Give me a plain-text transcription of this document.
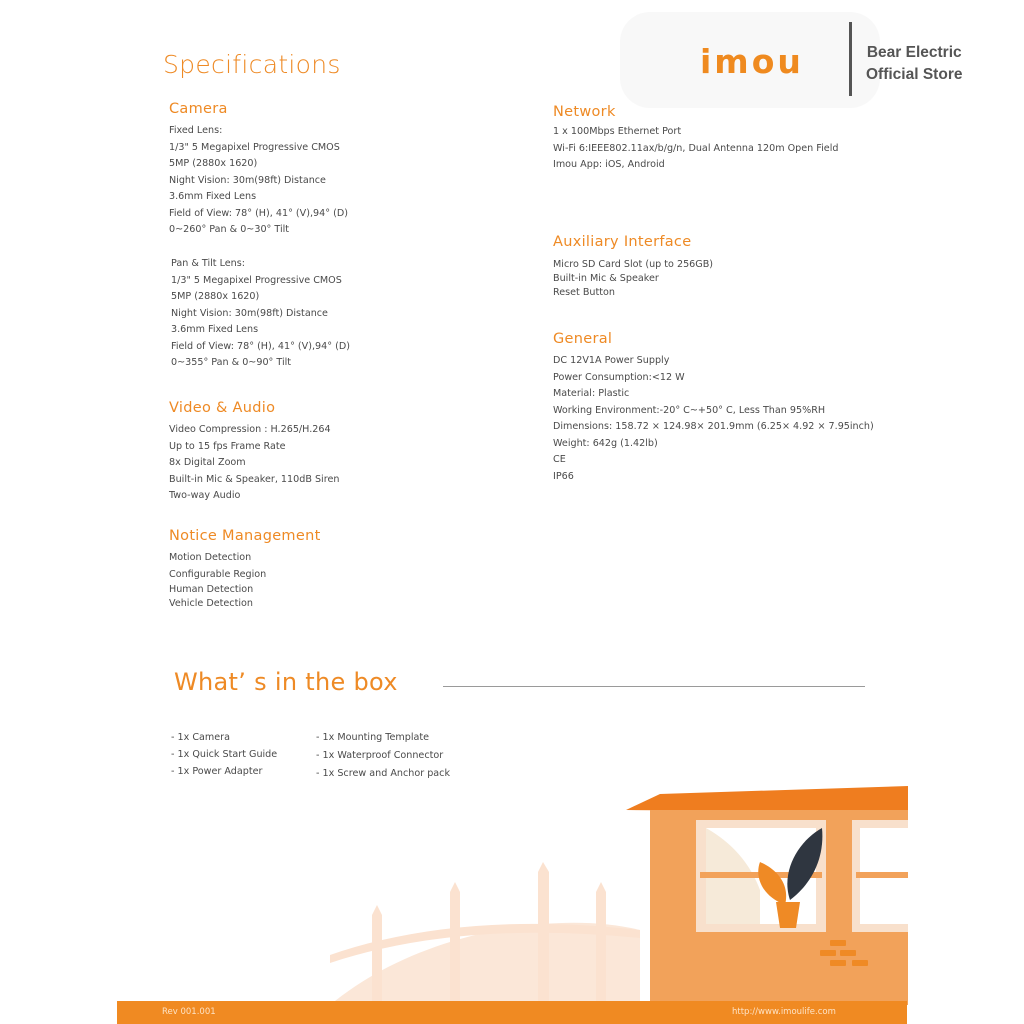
imou	Bear Electric
Official Store
Specifications
Camera
Fixed Lens:
1/3" 5 Megapixel Progressive CMOS
5MP (2880x 1620)
Night Vision: 30m(98ft) Distance
3.6mm Fixed Lens
Field of View: 78° (H), 41° (V),94° (D)
0~260° Pan & 0~30° Tilt
Pan & Tilt Lens:
1/3" 5 Megapixel Progressive CMOS
5MP (2880x 1620)
Night Vision: 30m(98ft) Distance
3.6mm Fixed Lens
Field of View: 78° (H), 41° (V),94° (D)
0~355° Pan & 0~90° Tilt
Video & Audio
Video Compression : H.265/H.264
Up to 15 fps Frame Rate
8x Digital Zoom
Built-in Mic & Speaker, 110dB Siren
Two-way Audio
Notice Management
Motion Detection
Configurable Region
Human Detection
Vehicle Detection
Network
1 x 100Mbps Ethernet Port
Wi-Fi 6:IEEE802.11ax/b/g/n, Dual Antenna 120m Open Field
Imou App: iOS, Android
Auxiliary Interface
Micro SD Card Slot (up to 256GB)
Built-in Mic & Speaker
Reset Button
General
DC 12V1A Power Supply
Power Consumption:<12 W
Material: Plastic
Working Environment:-20° C~+50° C, Less Than 95%RH
Dimensions: 158.72 × 124.98× 201.9mm (6.25× 4.92 × 7.95inch)
Weight: 642g (1.42lb)
CE
IP66
What’ s in the box
- 1x Camera
- 1x Quick Start Guide
- 1x Power Adapter
- 1x Mounting Template
- 1x Waterproof Connector
- 1x Screw and Anchor pack
Rev 001.001	http://www.imoulife.com
